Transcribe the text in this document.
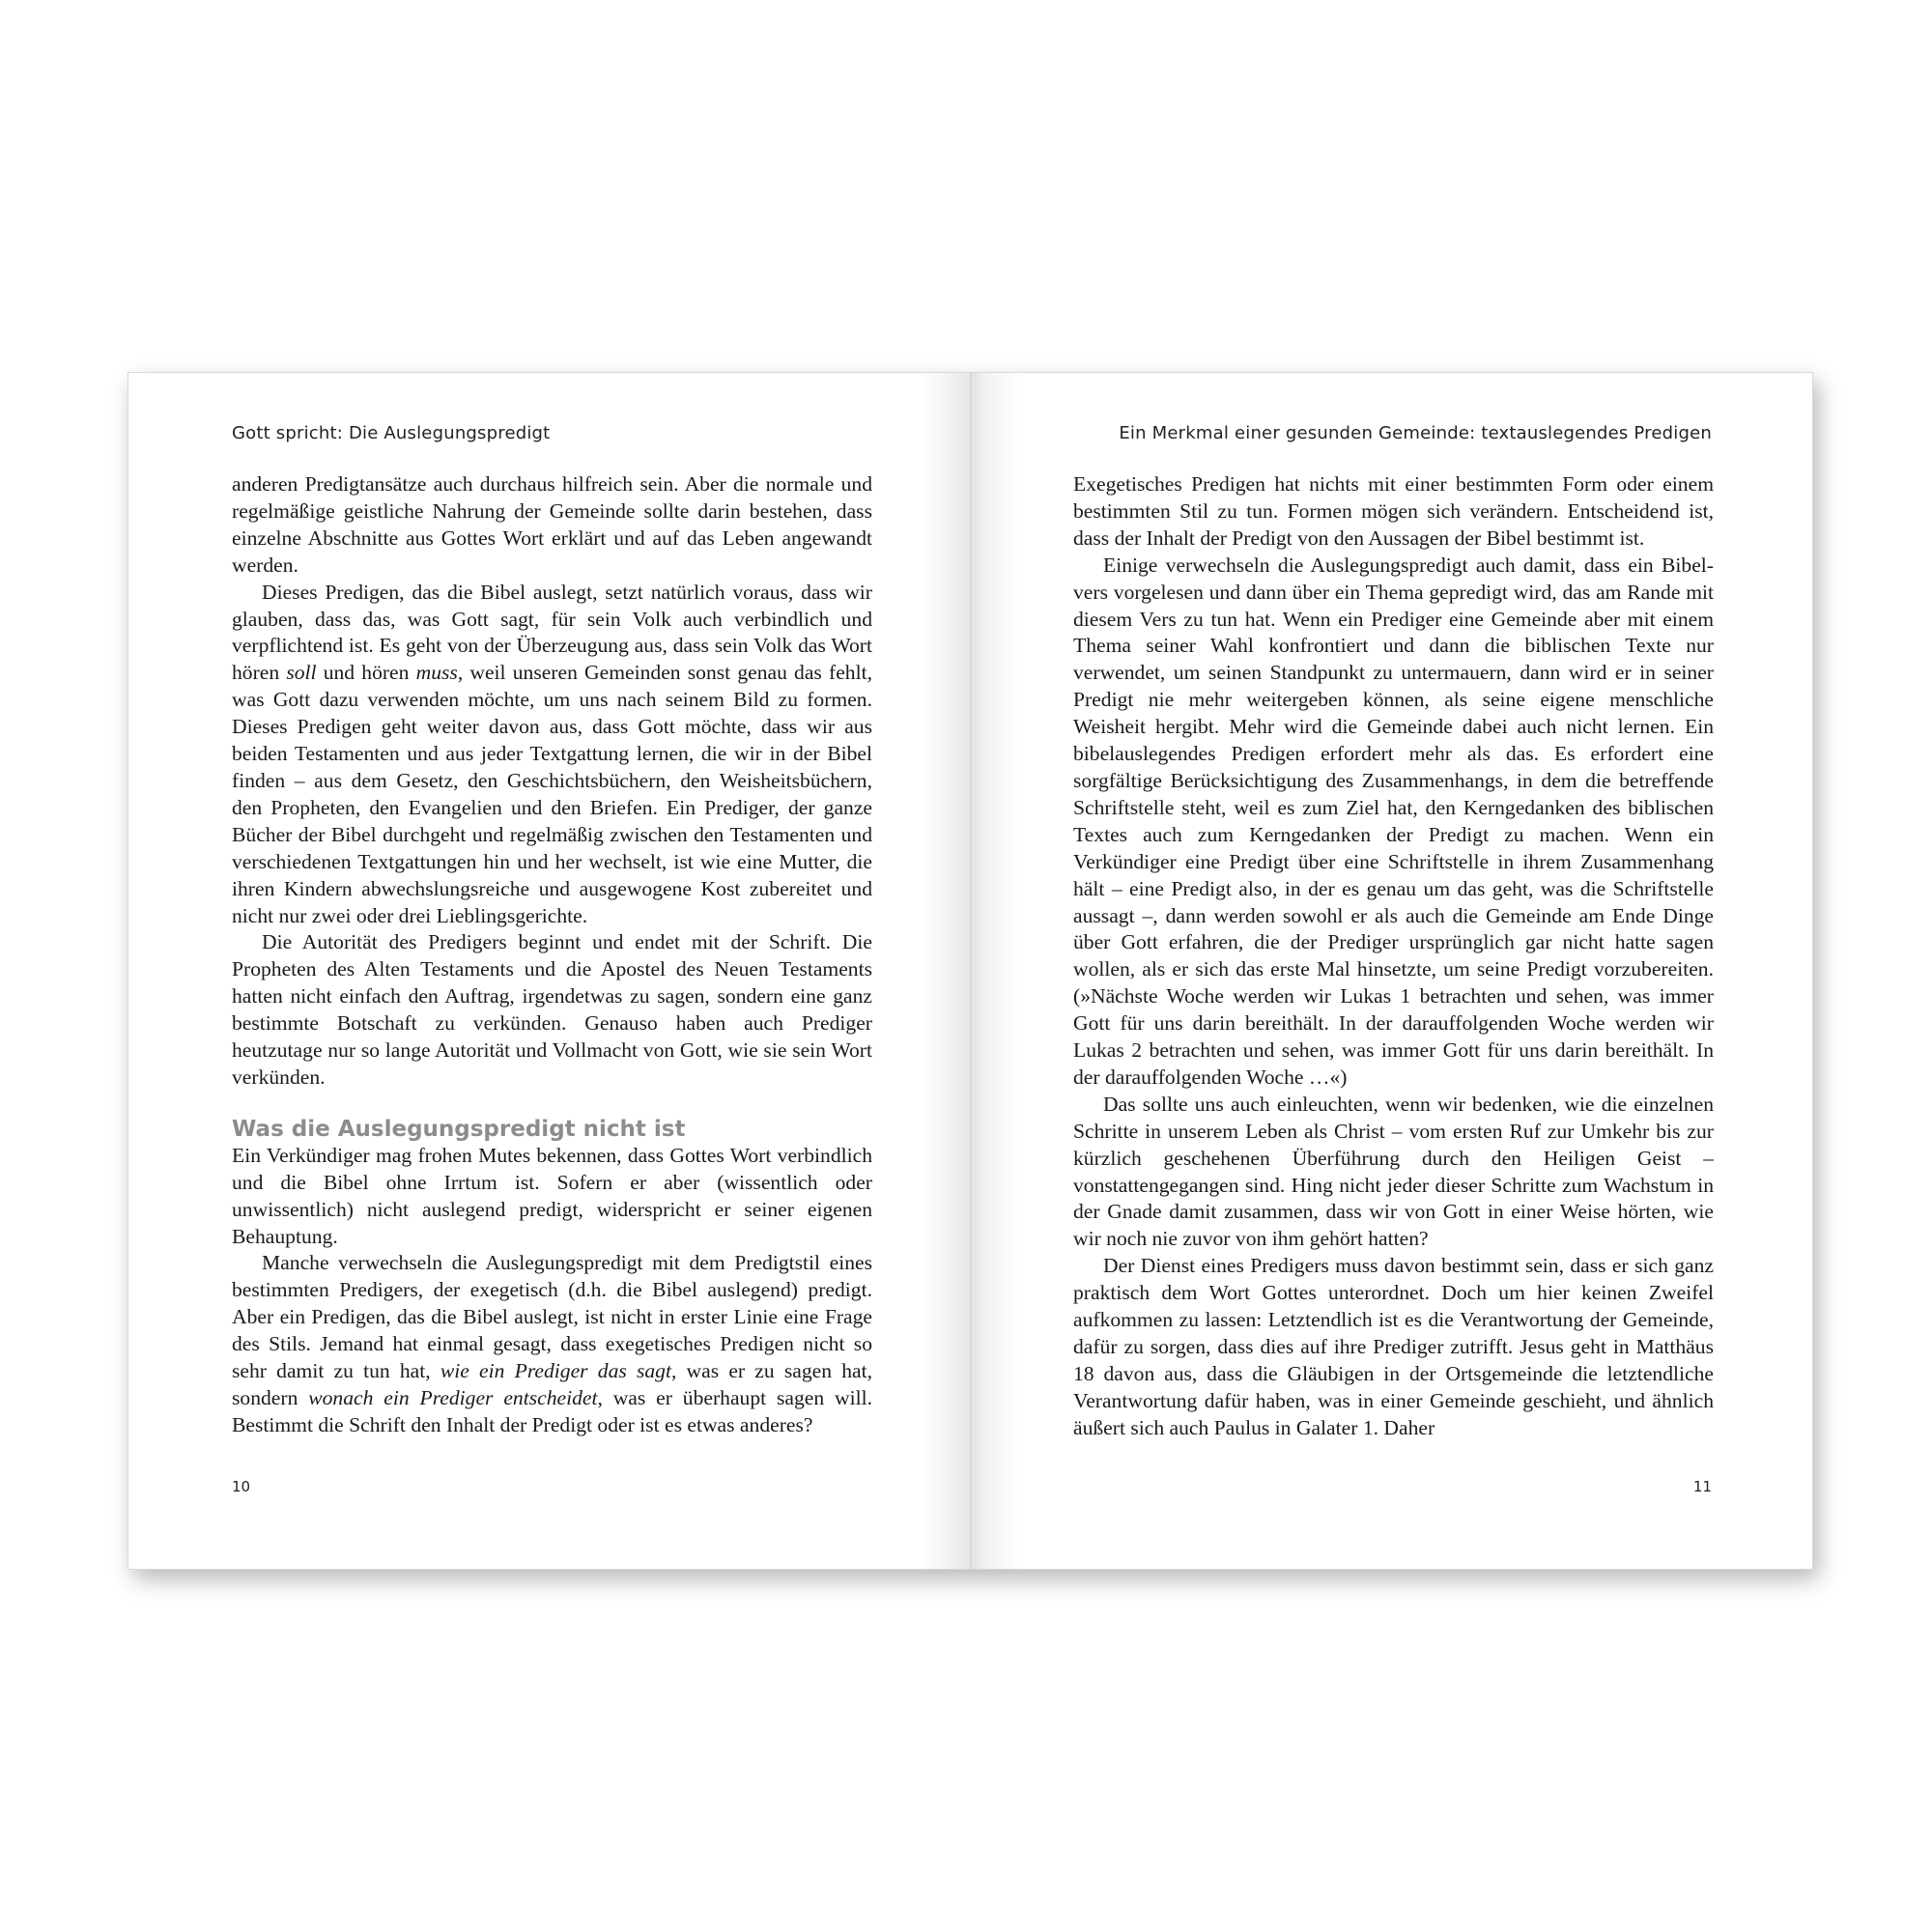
Gott spricht: Die Auslegungspredigt

anderen Predigtansätze auch durchaus hilfreich sein. Aber die normale und regelmäßige geistliche Nahrung der Gemeinde sollte darin bestehen, dass einzelne Abschnitte aus Gottes Wort erklärt und auf das Leben angewandt werden.

Dieses Predigen, das die Bibel auslegt, setzt natürlich voraus, dass wir glauben, dass das, was Gott sagt, für sein Volk auch verbindlich und verpflichtend ist. Es geht von der Überzeugung aus, dass sein Volk das Wort hören soll und hören muss, weil unseren Gemeinden sonst genau das fehlt, was Gott dazu verwenden möchte, um uns nach seinem Bild zu formen. Dieses Predigen geht weiter davon aus, dass Gott möchte, dass wir aus beiden Testamenten und aus jeder Textgattung lernen, die wir in der Bibel finden – aus dem Gesetz, den Geschichtsbüchern, den Weisheitsbüchern, den Propheten, den Evangelien und den Briefen. Ein Prediger, der ganze Bücher der Bibel durchgeht und regelmäßig zwischen den Testamenten und verschiedenen Textgattungen hin und her wechselt, ist wie eine Mutter, die ihren Kindern abwechslungsreiche und ausgewogene Kost zubereitet und nicht nur zwei oder drei Lieblingsgerichte.

Die Autorität des Predigers beginnt und endet mit der Schrift. Die Propheten des Alten Testaments und die Apostel des Neuen Testaments hatten nicht einfach den Auftrag, irgendetwas zu sagen, sondern eine ganz bestimmte Botschaft zu verkünden. Genauso haben auch Prediger heutzutage nur so lange Autorität und Vollmacht von Gott, wie sie sein Wort verkünden.

Was die Auslegungspredigt nicht ist

Ein Verkündiger mag frohen Mutes bekennen, dass Gottes Wort verbindlich und die Bibel ohne Irrtum ist. Sofern er aber (wissentlich oder unwissentlich) nicht auslegend predigt, widerspricht er seiner eigenen Behauptung.

Manche verwechseln die Auslegungspredigt mit dem Predigtstil eines bestimmten Predigers, der exegetisch (d.h. die Bibel auslegend) predigt. Aber ein Predigen, das die Bibel auslegt, ist nicht in erster Linie eine Frage des Stils. Jemand hat einmal gesagt, dass exegetisches Predigen nicht so sehr damit zu tun hat, wie ein Prediger das sagt, was er zu sagen hat, sondern wonach ein Prediger entscheidet, was er überhaupt sagen will. Bestimmt die Schrift den Inhalt der Predigt oder ist es etwas anderes?

10
Ein Merkmal einer gesunden Gemeinde: textauslegendes Predigen

Exegetisches Predigen hat nichts mit einer bestimmten Form oder einem bestimmten Stil zu tun. Formen mögen sich verändern. Entscheidend ist, dass der Inhalt der Predigt von den Aussagen der Bibel bestimmt ist.

Einige verwechseln die Auslegungspredigt auch damit, dass ein Bibelvers vorgelesen und dann über ein Thema gepredigt wird, das am Rande mit diesem Vers zu tun hat. Wenn ein Prediger eine Gemeinde aber mit einem Thema seiner Wahl konfrontiert und dann die biblischen Texte nur verwendet, um seinen Standpunkt zu untermauern, dann wird er in seiner Predigt nie mehr weitergeben können, als seine eigene menschliche Weisheit hergibt. Mehr wird die Gemeinde dabei auch nicht lernen. Ein bibelauslegendes Predigen erfordert mehr als das. Es erfordert eine sorgfältige Berücksichtigung des Zusammenhangs, in dem die betreffende Schriftstelle steht, weil es zum Ziel hat, den Kerngedanken des biblischen Textes auch zum Kerngedanken der Predigt zu machen. Wenn ein Verkündiger eine Predigt über eine Schriftstelle in ihrem Zusammenhang hält – eine Predigt also, in der es genau um das geht, was die Schriftstelle aussagt –, dann werden sowohl er als auch die Gemeinde am Ende Dinge über Gott erfahren, die der Prediger ursprünglich gar nicht hatte sagen wollen, als er sich das erste Mal hinsetzte, um seine Predigt vorzubereiten. (»Nächste Woche werden wir Lukas 1 betrachten und sehen, was immer Gott für uns darin bereithält. In der darauffolgenden Woche werden wir Lukas 2 betrachten und sehen, was immer Gott für uns darin bereithält. In der darauffolgenden Woche …«)

Das sollte uns auch einleuchten, wenn wir bedenken, wie die einzelnen Schritte in unserem Leben als Christ – vom ersten Ruf zur Umkehr bis zur kürzlich geschehenen Überführung durch den Heiligen Geist – vonstattengegangen sind. Hing nicht jeder dieser Schritte zum Wachstum in der Gnade damit zusammen, dass wir von Gott in einer Weise hörten, wie wir noch nie zuvor von ihm gehört hatten?

Der Dienst eines Predigers muss davon bestimmt sein, dass er sich ganz praktisch dem Wort Gottes unterordnet. Doch um hier keinen Zweifel aufkommen zu lassen: Letztendlich ist es die Verantwortung der Gemeinde, dafür zu sorgen, dass dies auf ihre Prediger zutrifft. Jesus geht in Matthäus 18 davon aus, dass die Gläubigen in der Ortsgemeinde die letztendliche Verantwortung dafür haben, was in einer Gemeinde geschieht, und ähnlich äußert sich auch Paulus in Galater 1. Daher

11
